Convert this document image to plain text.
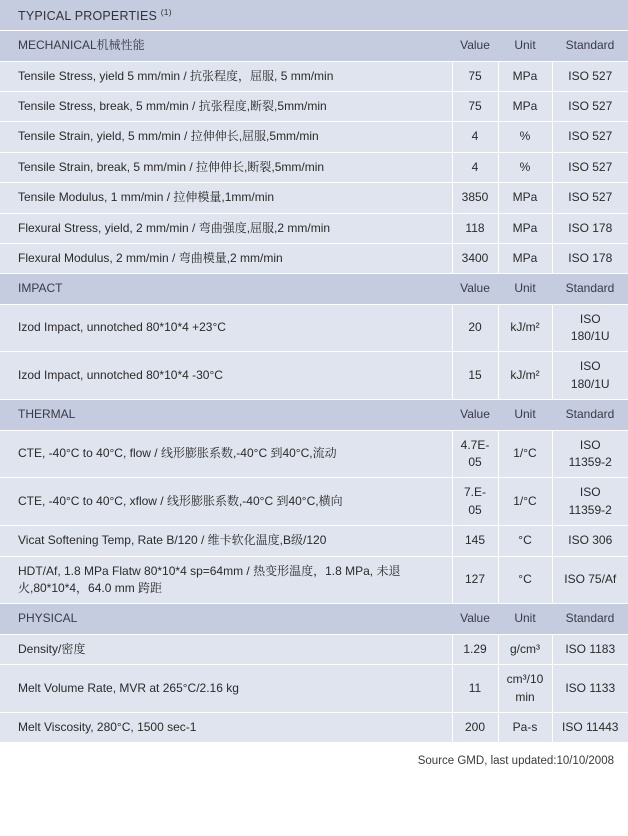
TYPICAL PROPERTIES $^{(1)}$
MECHANICAL机械性能	Value	Unit	Standard
Tensile Stress, yield 5 mm/min / 抗张程度，屈服, 5 mm/min	75	MPa	ISO 527
Tensile Stress, break, 5 mm/min / 抗张程度,断裂,5mm/min	75	MPa	ISO 527
Tensile Strain, yield, 5 mm/min / 拉伸伸长,屈服,5mm/min	4	%	ISO 527
Tensile Strain, break, 5 mm/min / 拉伸伸长,断裂,5mm/min	4	%	ISO 527
Tensile Modulus, 1 mm/min / 拉伸模量,1mm/min	3850	MPa	ISO 527
Flexural Stress, yield, 2 mm/min / 弯曲强度,屈服,2 mm/min	118	MPa	ISO 178
Flexural Modulus, 2 mm/min / 弯曲模量,2 mm/min	3400	MPa	ISO 178
IMPACT	Value	Unit	Standard
Izod Impact, unnotched 80*10*4 +23°C	20	kJ/m²	ISO 180/1U
Izod Impact, unnotched 80*10*4 -30°C	15	kJ/m²	ISO 180/1U
THERMAL	Value	Unit	Standard
CTE, -40°C to 40°C, flow / 线形膨胀系数,-40°C 到40°C,流动	4.7E-05	1/°C	ISO 11359-2
CTE, -40°C to 40°C, xflow / 线形膨胀系数,-40°C 到40°C,横向	7.E-05	1/°C	ISO 11359-2
Vicat Softening Temp, Rate B/120 / 维卡软化温度,B级/120	145	°C	ISO 306
HDT/Af, 1.8 MPa Flatw 80*10*4 sp=64mm / 热变形温度，1.8 MPa, 未退火,80*10*4，64.0 mm 跨距	127	°C	ISO 75/Af
PHYSICAL	Value	Unit	Standard
Density/密度	1.29	g/cm³	ISO 1183
Melt Volume Rate, MVR at 265°C/2.16 kg	11	cm³/10 min	ISO 1133
Melt Viscosity, 280°C, 1500 sec-1	200	Pa-s	ISO 11443
Source GMD, last updated:10/10/2008
